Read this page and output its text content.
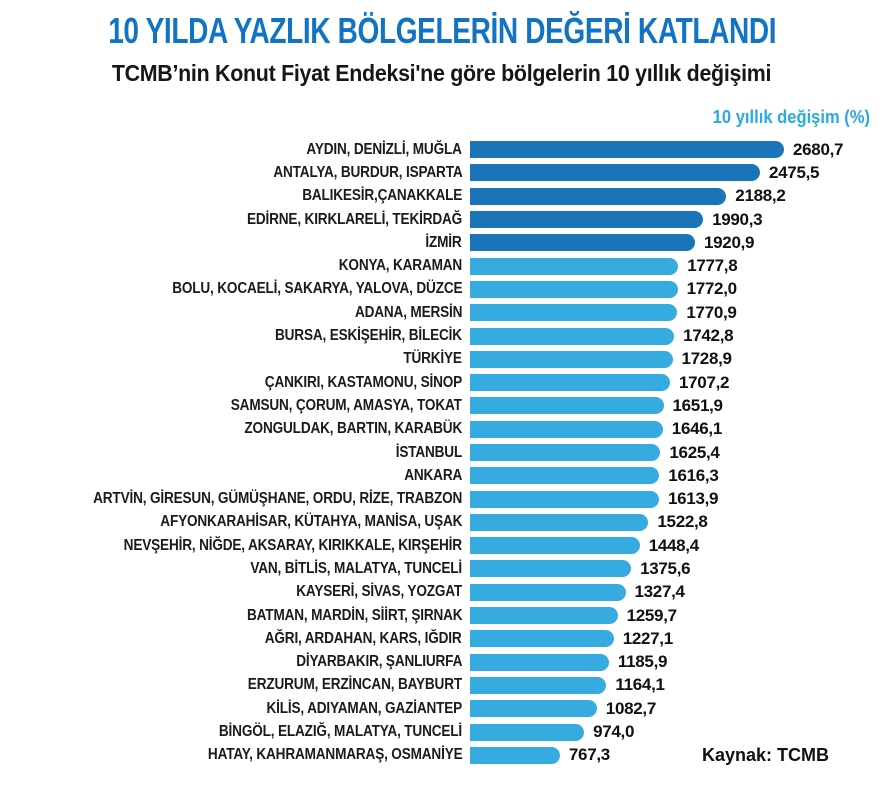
10 YILDA YAZLIK BÖLGELERİN DEĞERİ KATLANDI
TCMB’nin Konut Fiyat Endeksi'ne göre bölgelerin 10 yıllık değişimi
10 yıllık değişim (%)
AYDIN, DENİZLİ, MUĞLA	2680,7
ANTALYA, BURDUR, ISPARTA	2475,5
BALIKESİR,ÇANAKKALE	2188,2
EDİRNE, KIRKLARELİ, TEKİRDAĞ	1990,3
İZMİR	1920,9
KONYA, KARAMAN	1777,8
BOLU, KOCAELİ, SAKARYA, YALOVA, DÜZCE	1772,0
ADANA, MERSİN	1770,9
BURSA, ESKİŞEHİR, BİLECİK	1742,8
TÜRKİYE	1728,9
ÇANKIRI, KASTAMONU, SİNOP	1707,2
SAMSUN, ÇORUM, AMASYA, TOKAT	1651,9
ZONGULDAK, BARTIN, KARABÜK	1646,1
İSTANBUL	1625,4
ANKARA	1616,3
ARTVİN, GİRESUN, GÜMÜŞHANE, ORDU, RİZE, TRABZON	1613,9
AFYONKARAHİSAR, KÜTAHYA, MANİSA, UŞAK	1522,8
NEVŞEHİR, NİĞDE, AKSARAY, KIRIKKALE, KIRŞEHİR	1448,4
VAN, BİTLİS, MALATYA, TUNCELİ	1375,6
KAYSERİ, SİVAS, YOZGAT	1327,4
BATMAN, MARDİN, SİİRT, ŞIRNAK	1259,7
AĞRI, ARDAHAN, KARS, IĞDIR	1227,1
DİYARBAKIR, ŞANLIURFA	1185,9
ERZURUM, ERZİNCAN, BAYBURT	1164,1
KİLİS, ADIYAMAN, GAZİANTEP	1082,7
BİNGÖL, ELAZIĞ, MALATYA, TUNCELİ	974,0
HATAY, KAHRAMANMARAŞ, OSMANİYE	767,3	Kaynak: TCMB
